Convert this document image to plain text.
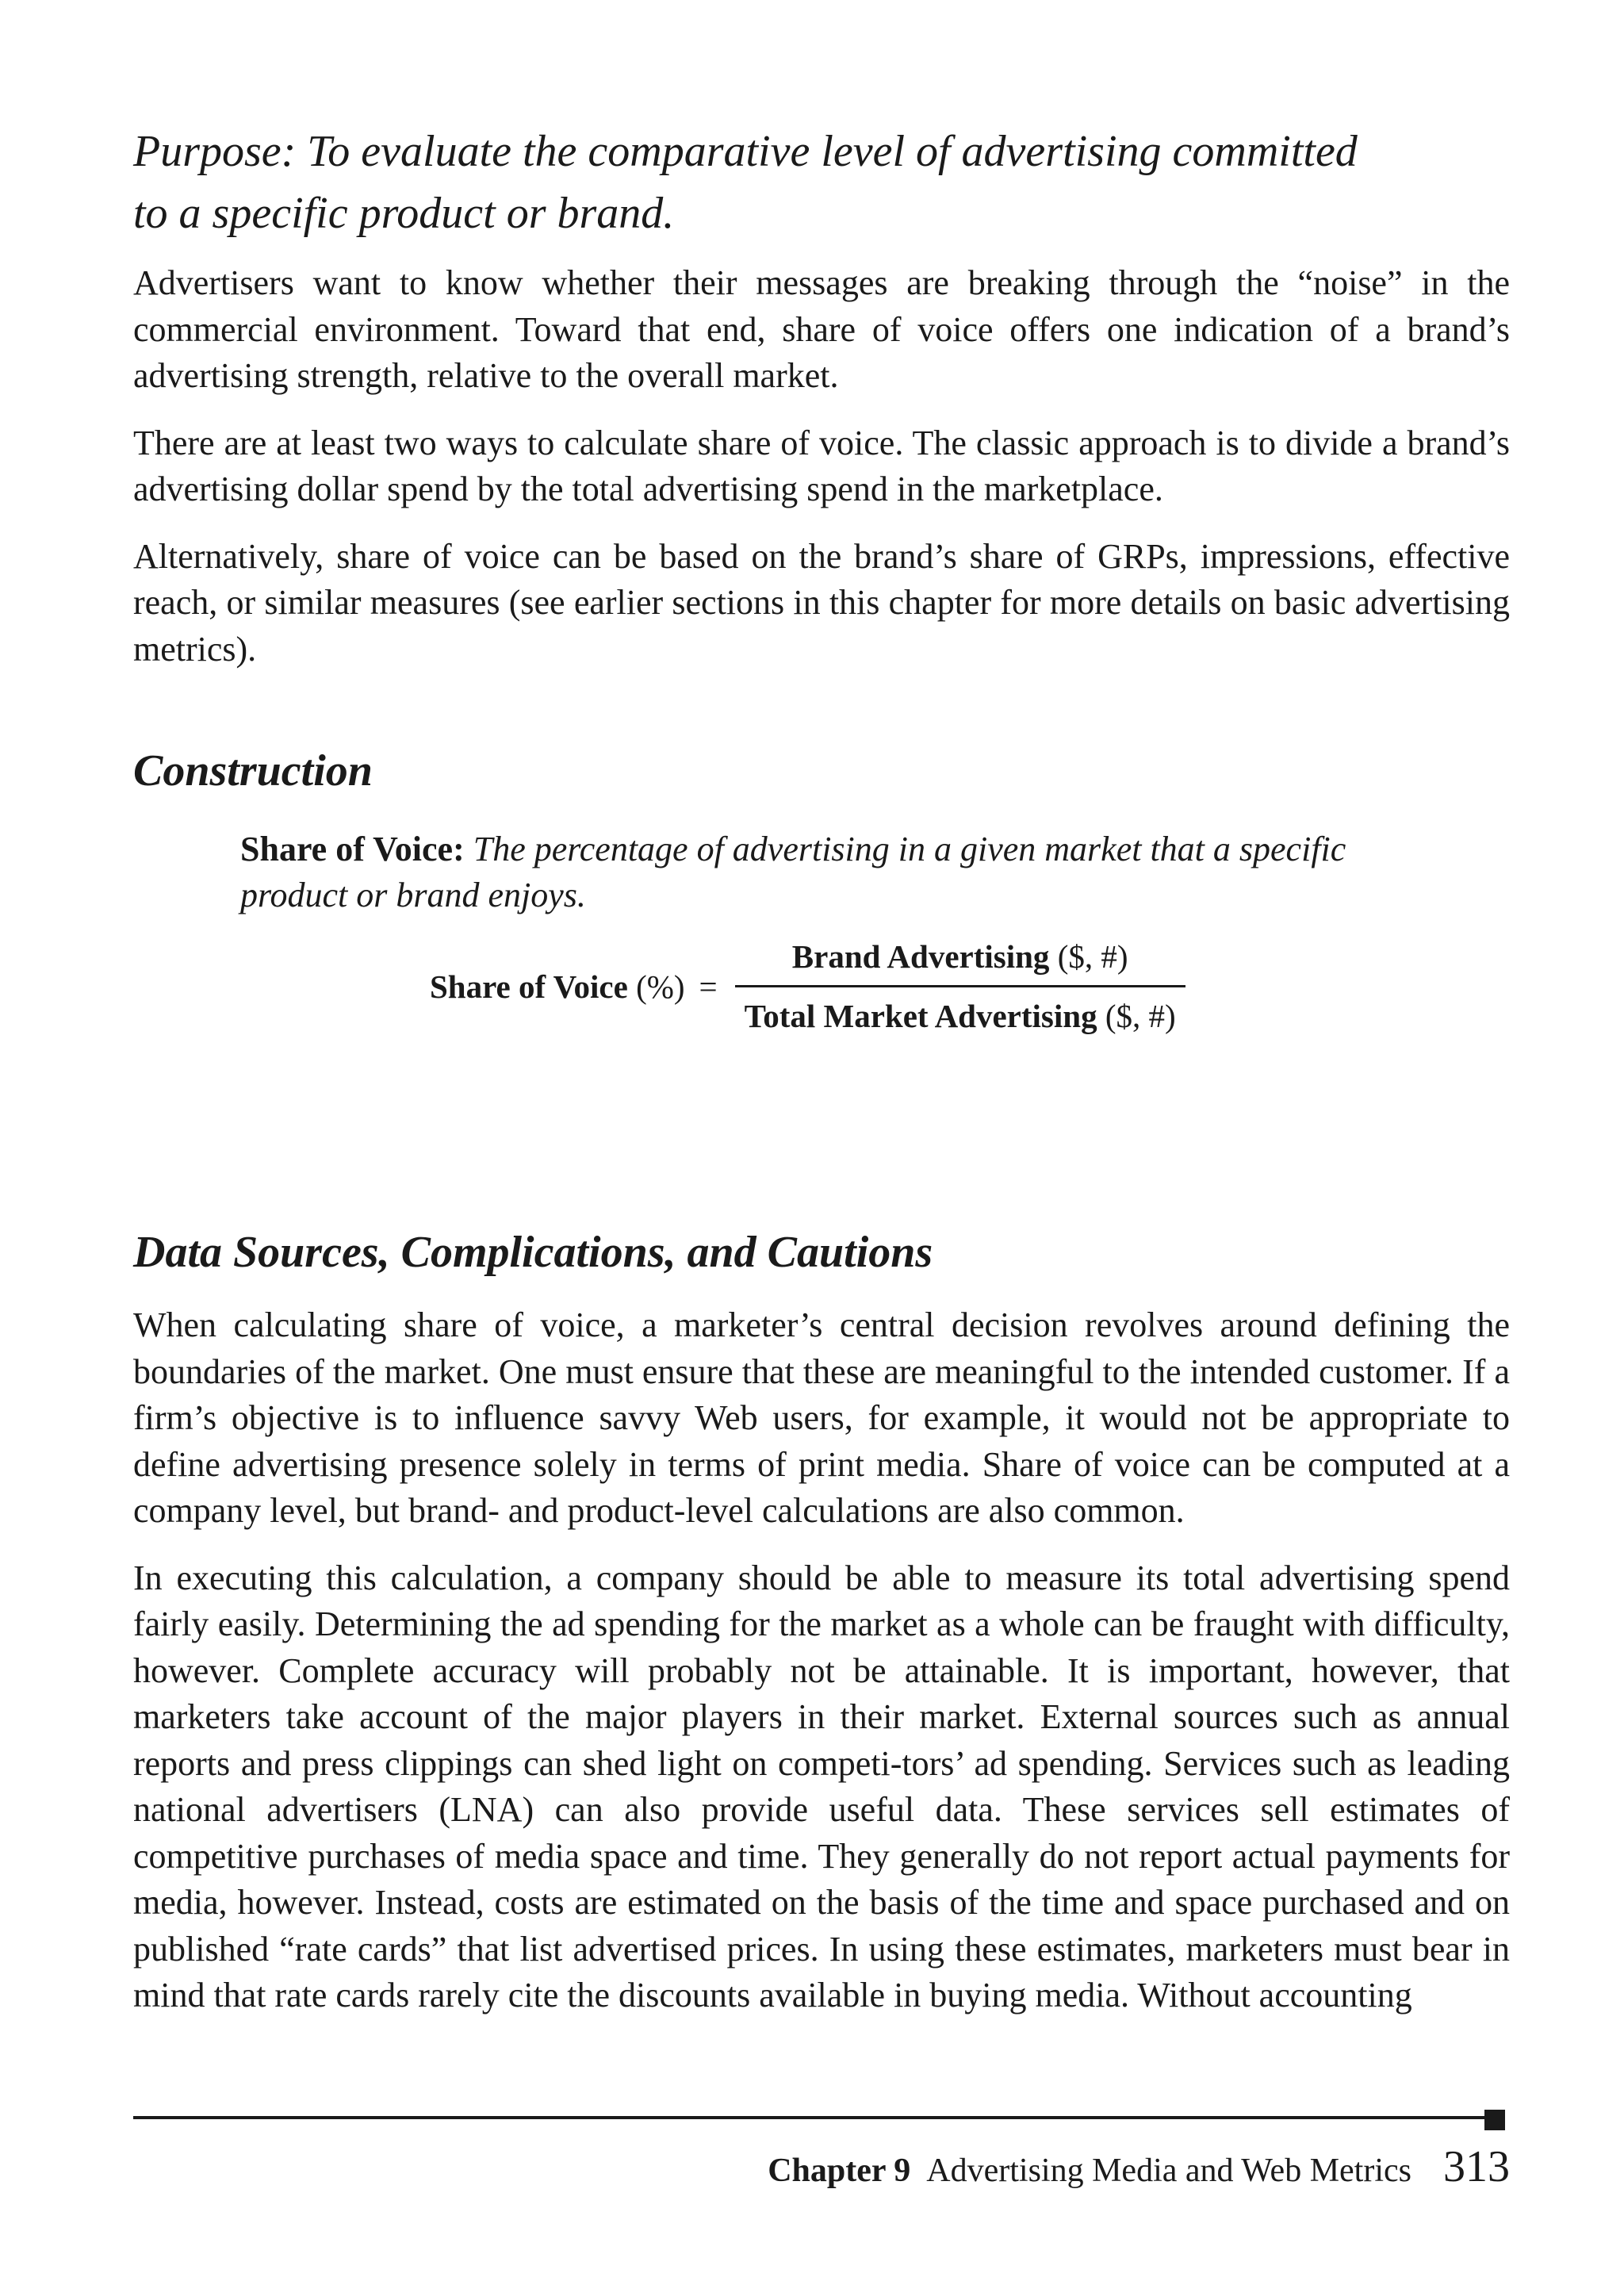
Purpose: To evaluate the comparative level of advertising committed
to a specific product or brand.

Advertisers want to know whether their messages are breaking through the “noise” in the commercial environment. Toward that end, share of voice offers one indication of a brand’s advertising strength, relative to the overall market.

There are at least two ways to calculate share of voice. The classic approach is to divide a brand’s advertising dollar spend by the total advertising spend in the marketplace.

Alternatively, share of voice can be based on the brand’s share of GRPs, impressions, effective reach, or similar measures (see earlier sections in this chapter for more details on basic advertising metrics).

Construction
Share of Voice: The percentage of advertising in a given market that a specific product or brand enjoys.
Share of Voice (%) = $\frac{\text{Brand Advertising (\$, \#)}}{\text{Total Market Advertising (\$, \#)}}$
Data Sources, Complications, and Cautions

When calculating share of voice, a marketer’s central decision revolves around defining the boundaries of the market. One must ensure that these are meaningful to the intended customer. If a firm’s objective is to influence savvy Web users, for example, it would not be appropriate to define advertising presence solely in terms of print media. Share of voice can be computed at a company level, but brand- and product-level calculations are also common.

In executing this calculation, a company should be able to measure its total advertising spend fairly easily. Determining the ad spending for the market as a whole can be fraught with difficulty, however. Complete accuracy will probably not be attainable. It is important, however, that marketers take account of the major players in their market. External sources such as annual reports and press clippings can shed light on competi-tors’ ad spending. Services such as leading national advertisers (LNA) can also provide useful data. These services sell estimates of competitive purchases of media space and time. They generally do not report actual payments for media, however. Instead, costs are estimated on the basis of the time and space purchased and on published “rate cards” that list advertised prices. In using these estimates, marketers must bear in mind that rate cards rarely cite the discounts available in buying media. Without accounting

Chapter 9 Advertising Media and Web Metrics 313
